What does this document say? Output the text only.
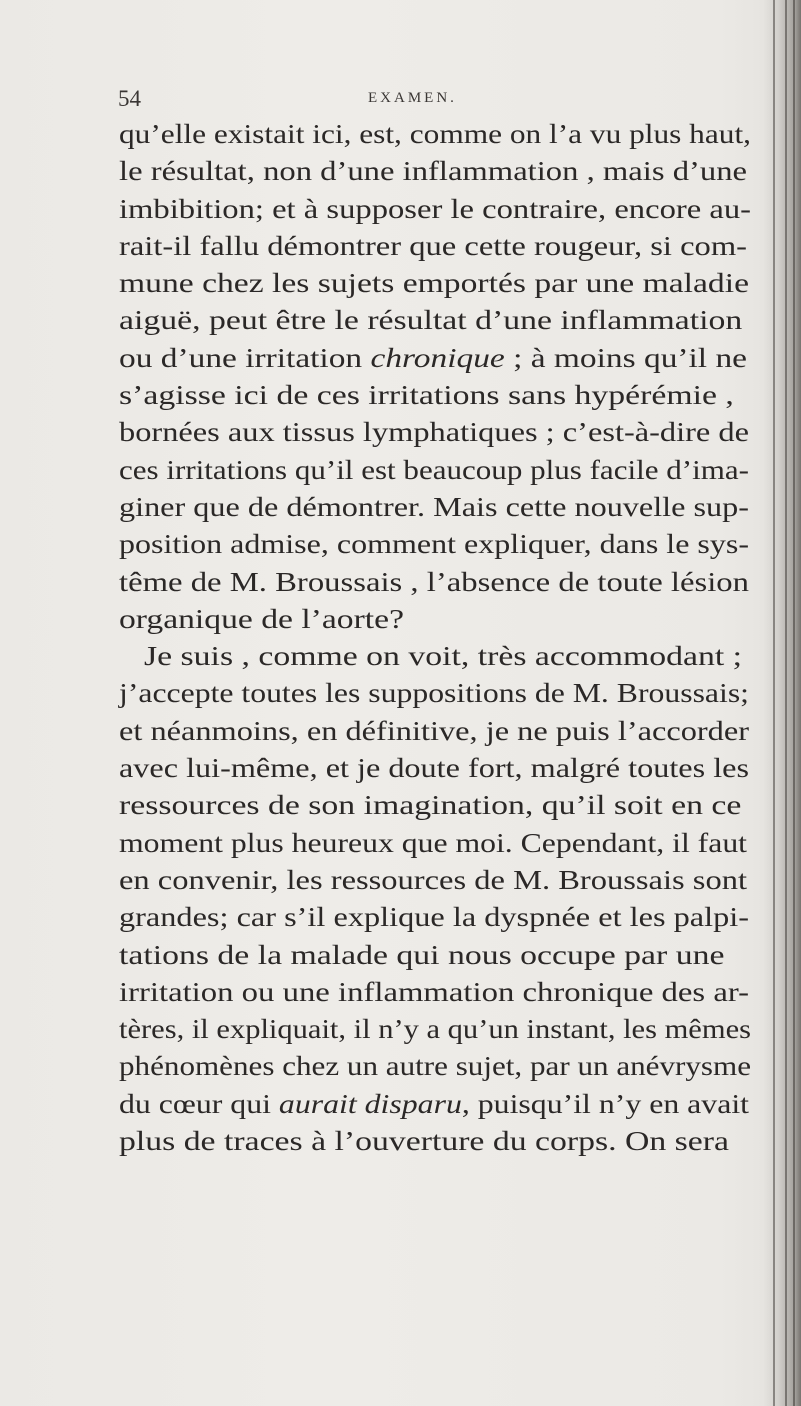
54	EXAMEN.
qu’elle existait ici, est, comme on l’a vu plus haut,
le résultat, non d’une inflammation , mais d’une
imbibition; et à supposer le contraire, encore au-
rait-il fallu démontrer que cette rougeur, si com-
mune chez les sujets emportés par une maladie
aiguë, peut être le résultat d’une inflammation
ou d’une irritation chronique ; à moins qu’il ne
s’agisse ici de ces irritations sans hypérémie ,
bornées aux tissus lymphatiques ; c’est-à-dire de
ces irritations qu’il est beaucoup plus facile d’ima-
giner que de démontrer. Mais cette nouvelle sup-
position admise, comment expliquer, dans le sys-
tême de M. Broussais , l’absence de toute lésion
organique de l’aorte?
Je suis , comme on voit, très accommodant ;
j’accepte toutes les suppositions de M. Broussais;
et néanmoins, en définitive, je ne puis l’accorder
avec lui-même, et je doute fort, malgré toutes les
ressources de son imagination, qu’il soit en ce
moment plus heureux que moi. Cependant, il faut
en convenir, les ressources de M. Broussais sont
grandes; car s’il explique la dyspnée et les palpi-
tations de la malade qui nous occupe par une
irritation ou une inflammation chronique des ar-
tères, il expliquait, il n’y a qu’un instant, les mêmes
phénomènes chez un autre sujet, par un anévrysme
du cœur qui aurait disparu, puisqu’il n’y en avait
plus de traces à l’ouverture du corps. On sera
